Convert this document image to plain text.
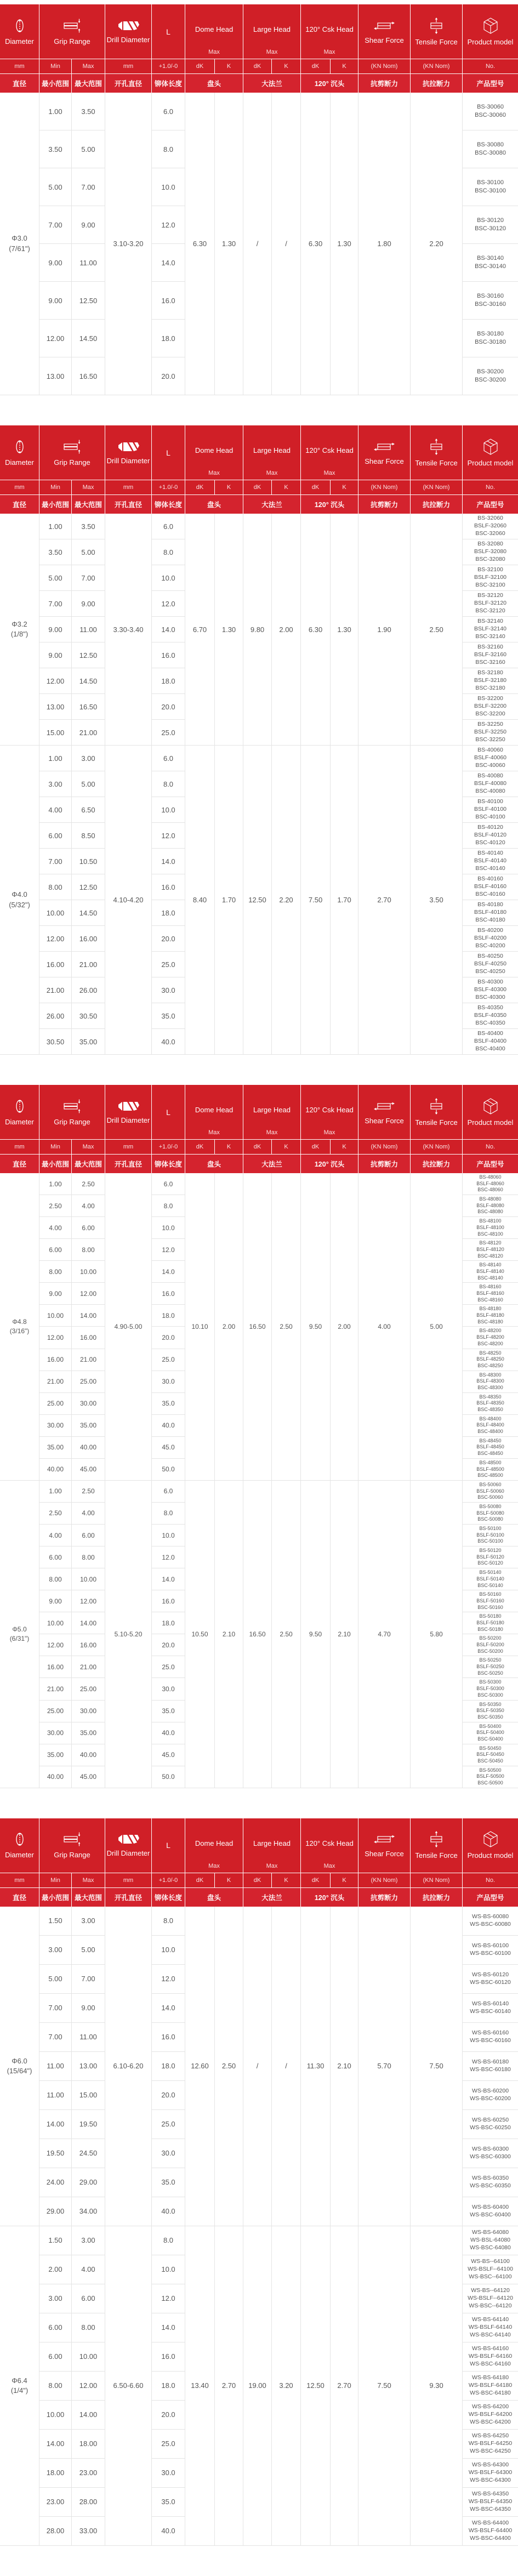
Diameter	Grip Range	Drill Diameter

L	Dome Head
Max

Large Head
Max

120° Csk Head
Max

Shear Force	Tensile Force	Product model

mm	Min	Max	mm	+1.0/-0	dK	K	dK	K	dK	K	(KN Nom)	(KN Nom)	No.
直径	最小范围	最大范围	开孔直径	铆体长度	盘头		大法兰		120° 沉头		抗剪断力	抗拉断力	产品型号

Φ3.0
(7/61")
	1.00	3.50	3.10-3.20	6.0	6.30	1.30	/	/	6.30	1.30	1.80	2.20	
BS-30060
BSC-30060

	3.50	5.00		8.0									BS-30080
BSC-30080

	5.00	7.00		10.0									BS-30100
BSC-30100

	7.00	9.00		12.0									BS-30120
BSC-30120

	9.00	11.00		14.0									BS-30140
BSC-30140

	9.00	12.50		16.0									BS-30160
BSC-30160

	12.00	14.50		18.0									BS-30180
BSC-30180

	13.00	16.50		20.0									BS-30200
BSC-30200
Diameter	Grip Range	Drill Diameter

L	Dome Head
Max

Large Head
Max

120° Csk Head
Max

Shear Force	Tensile Force	Product model

mm	Min	Max	mm	+1.0/-0	dK	K	dK	K	dK	K	(KN Nom)	(KN Nom)	No.
直径	最小范围	最大范围	开孔直径	铆体长度	盘头		大法兰		120° 沉头		抗剪断力	抗拉断力	产品型号

Φ3.2
(1/8")
	1.00	3.50	3.30-3.40	6.0	6.70	1.30	9.80	2.00	6.30	1.30	1.90	2.50	
BS-32060
BSLF-32060
BSC-32060

	3.50	5.00		8.0									BS-32080
BSLF-32080
BSC-32080

	5.00	7.00		10.0									BS-32100
BSLF-32100
BSC-32100

	7.00	9.00		12.0									BS-32120
BSLF-32120
BSC-32120

	9.00	11.00		14.0									BS-32140
BSLF-32140
BSC-32140

	9.00	12.50		16.0									BS-32160
BSLF-32160
BSC-32160

	12.00	14.50		18.0									BS-32180
BSLF-32180
BSC-32180

	13.00	16.50		20.0									BS-32200
BSLF-32200
BSC-32200

	15.00	21.00		25.0									BS-32250
BSLF-32250
BSC-32250

Φ4.0
(5/32")
	1.00	3.00	4.10-4.20	6.0	8.40	1.70	12.50	2.20	7.50	1.70	2.70	3.50	
BS-40060
BSLF-40060
BSC-40060

	3.00	5.00		8.0									BS-40080
BSLF-40080
BSC-40080

	4.00	6.50		10.0									BS-40100
BSLF-40100
BSC-40100

	6.00	8.50		12.0									BS-40120
BSLF-40120
BSC-40120

	7.00	10.50		14.0									BS-40140
BSLF-40140
BSC-40140

	8.00	12.50		16.0									BS-40160
BSLF-40160
BSC-40160

	10.00	14.50		18.0									BS-40180
BSLF-40180
BSC-40180

	12.00	16.00		20.0									BS-40200
BSLF-40200
BSC-40200

	16.00	21.00		25.0									BS-40250
BSLF-40250
BSC-40250

	21.00	26.00		30.0									BS-40300
BSLF-40300
BSC-40300

	26.00	30.50		35.0									BS-40350
BSLF-40350
BSC-40350

	30.50	35.00		40.0									BS-40400
BSLF-40400
BSC-40400
Diameter	Grip Range	Drill Diameter

L	Dome Head
Max

Large Head
Max

120° Csk Head
Max

Shear Force	Tensile Force	Product model

mm	Min	Max	mm	+1.0/-0	dK	K	dK	K	dK	K	(KN Nom)	(KN Nom)	No.
直径	最小范围	最大范围	开孔直径	铆体长度	盘头		大法兰		120° 沉头		抗剪断力	抗拉断力	产品型号

Φ4.8
(3/16")
	1.00	2.50	4.90-5.00	6.0	10.10	2.00	16.50	2.50	9.50	2.00	4.00	5.00	
BS-48060
BSLF-48060
BSC-48060

	2.50	4.00		8.0									BS-48080
BSLF-48080
BSC-48080

	4.00	6.00		10.0									BS-48100
BSLF-48100
BSC-48100

	6.00	8.00		12.0									BS-48120
BSLF-48120
BSC-48120

	8.00	10.00		14.0									BS-48140
BSLF-48140
BSC-48140

	9.00	12.00		16.0									BS-48160
BSLF-48160
BSC-48160

	10.00	14.00		18.0									BS-48180
BSLF-48180
BSC-48180

	12.00	16.00		20.0									BS-48200
BSLF-48200
BSC-48200

	16.00	21.00		25.0									BS-48250
BSLF-48250
BSC-48250

	21.00	25.00		30.0									BS-48300
BSLF-48300
BSC-48300

	25.00	30.00		35.0									BS-48350
BSLF-48350
BSC-48350

	30.00	35.00		40.0									BS-48400
BSLF-48400
BSC-48400

	35.00	40.00		45.0									BS-48450
BSLF-48450
BSC-48450

	40.00	45.00		50.0									BS-48500
BSLF-48500
BSC-48500

Φ5.0
(6/31")
	1.00	2.50	5.10-5.20	6.0	10.50	2.10	16.50	2.50	9.50	2.10	4.70	5.80	
BS-50060
BSLF-50060
BSC-50060

	2.50	4.00		8.0									BS-50080
BSLF-50080
BSC-50080

	4.00	6.00		10.0									BS-50100
BSLF-50100
BSC-50100

	6.00	8.00		12.0									BS-50120
BSLF-50120
BSC-50120

	8.00	10.00		14.0									BS-50140
BSLF-50140
BSC-50140

	9.00	12.00		16.0									BS-50160
BSLF-50160
BSC-50160

	10.00	14.00		18.0									BS-50180
BSLF-50180
BSC-50180

	12.00	16.00		20.0									BS-50200
BSLF-50200
BSC-50200

	16.00	21.00		25.0									BS-50250
BSLF-50250
BSC-50250

	21.00	25.00		30.0									BS-50300
BSLF-50300
BSC-50300

	25.00	30.00		35.0									BS-50350
BSLF-50350
BSC-50350

	30.00	35.00		40.0									BS-50400
BSLF-50400
BSC-50400

	35.00	40.00		45.0									BS-50450
BSLF-50450
BSC-50450

	40.00	45.00		50.0									BS-50500
BSLF-50500
BSC-50500
Diameter	Grip Range	Drill Diameter

L	Dome Head
Max

Large Head
Max

120° Csk Head
Max

Shear Force	Tensile Force	Product model

mm	Min	Max	mm	+1.0/-0	dK	K	dK	K	dK	K	(KN Nom)	(KN Nom)	No.
直径	最小范围	最大范围	开孔直径	铆体长度	盘头		大法兰		120° 沉头		抗剪断力	抗拉断力	产品型号

Φ6.0
(15/64")
	1.50	3.00	6.10-6.20	8.0	12.60	2.50	/	/	11.30	2.10	5.70	7.50	
WS-BS-60080
WS-BSC-60080

	3.00	5.00		10.0									WS-BS-60100
WS-BSC-60100

	5.00	7.00		12.0									WS-BS-60120
WS-BSC-60120

	7.00	9.00		14.0									WS-BS-60140
WS-BSC-60140

	7.00	11.00		16.0									WS-BS-60160
WS-BSC-60160

	11.00	13.00		18.0									WS-BS-60180
WS-BSC-60180

	11.00	15.00		20.0									WS-BS-60200
WS-BSC-60200

	14.00	19.50		25.0									WS-BS-60250
WS-BSC-60250

	19.50	24.50		30.0									WS-BS-60300
WS-BSC-60300

	24.00	29.00		35.0									WS-BS-60350
WS-BSC-60350

	29.00	34.00		40.0									WS-BS-60400
WS-BSC-60400

Φ6.4
(1/4")
	1.50	3.00	6.50-6.60	8.0	13.40	2.70	19.00	3.20	12.50	2.70	7.50	9.30	
WS-BS-64080
WS-BSL-64080
WS-BSC-64080

	2.00	4.00		10.0									WS-BS--64100
WS-BSLF--64100
WS-BSC--64100

	3.00	6.00		12.0									WS-BS--64120
WS-BSLF--64120
WS-BSC--64120

	6.00	8.00		14.0									WS-BS-64140
WS-BSLF-64140
WS-BSC-64140

	6.00	10.00		16.0									WS-BS-64160
WS-BSLF-64160
WS-BSC-64160

	8.00	12.00		18.0									WS-BS-64180
WS-BSLF-64180
WS-BSC-64180

	10.00	14.00		20.0									WS-BS-64200
WS-BSLF-64200
WS-BSC-64200

	14.00	18.00		25.0									WS-BS-64250
WS-BSLF-64250
WS-BSC-64250

	18.00	23.00		30.0									WS-BS-64300
WS-BSLF-64300
WS-BSC-64300

	23.00	28.00		35.0									WS-BS-64350
WS-BSLF-64350
WS-BSC-64350

	28.00	33.00		40.0									WS-BS-64400
WS-BSLF-64400
WS-BSC-64400
